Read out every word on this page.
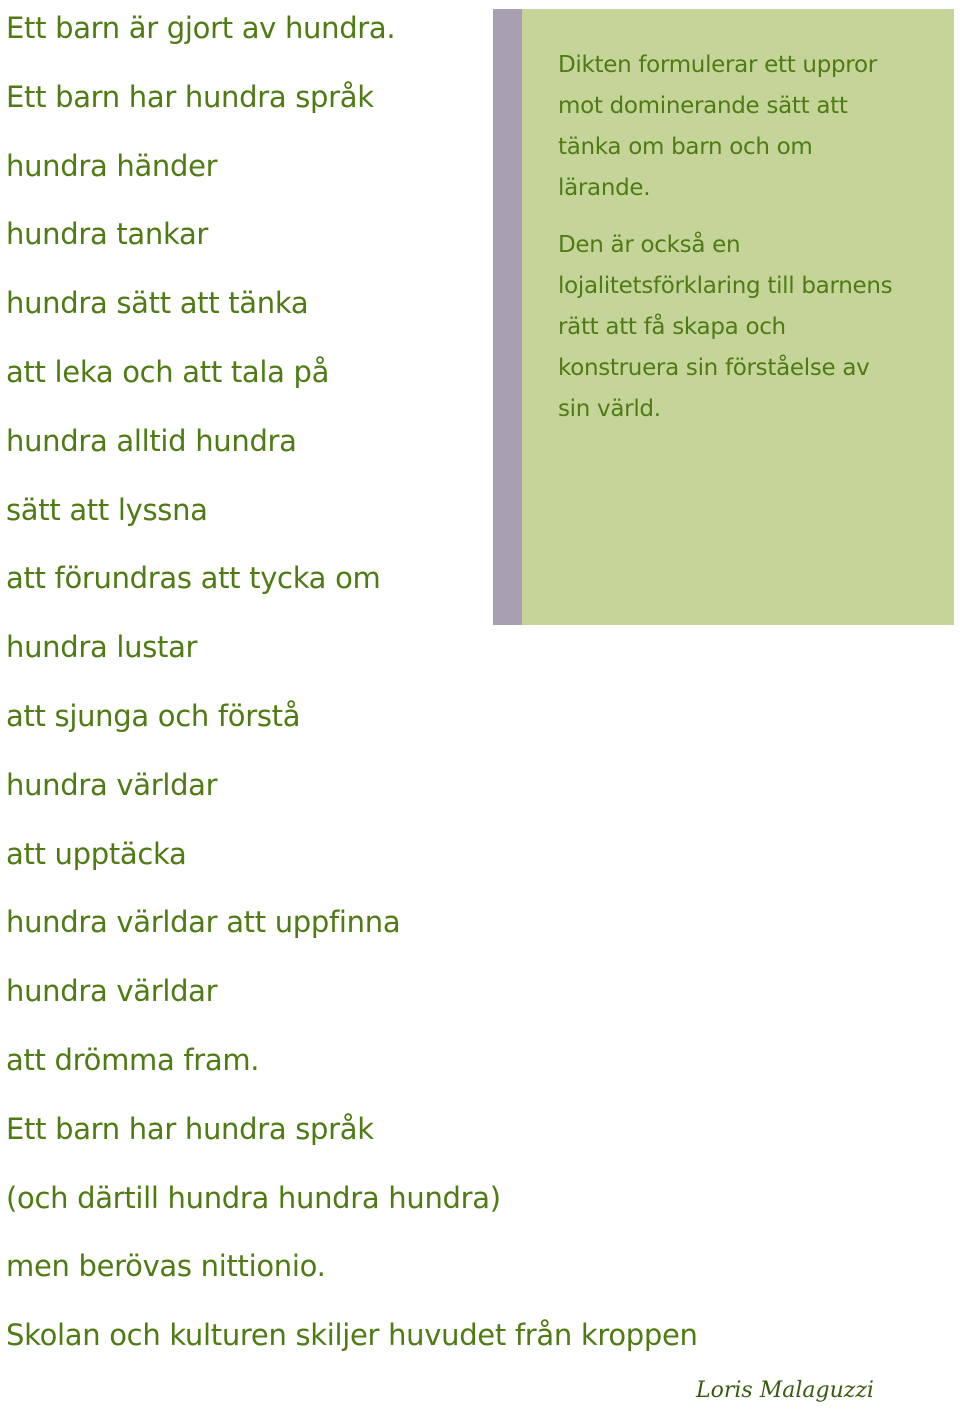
Ett barn är gjort av hundra.
Ett barn har hundra språk
hundra händer
hundra tankar
hundra sätt att tänka
att leka och att tala på
hundra alltid hundra
sätt att lyssna
att förundras att tycka om
hundra lustar
att sjunga och förstå
hundra världar
att upptäcka
hundra världar att uppfinna
hundra världar
att drömma fram.
Ett barn har hundra språk
(och därtill hundra hundra hundra)
men berövas nittionio.
Skolan och kulturen skiljer huvudet från kroppen

Dikten formulerar ett uppror mot dominerande sätt att tänka om barn och om lärande.

Den är också en lojalitetsförklaring till barnens rätt att få skapa och konstruera sin förståelse av sin värld.

Loris Malaguzzi
